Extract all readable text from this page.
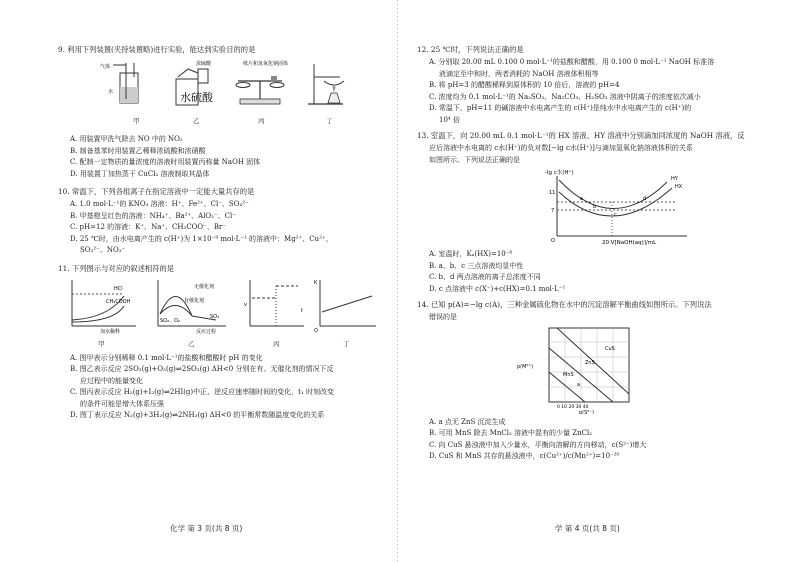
9. 利用下列装置(夹持装置略)进行实验，能达到实验目的的是
气体
水
浓硫酸
水硫酸
纸片和氢氧化钠固体
甲	乙	丙	丁
A. 用装置甲洗气除去 NO 中的 NO₂
B. 制备基苯时用装置乙稀释浓硫酸和浓硝酸
C. 配制一定物质的量浓度的溶液时用装置丙称量 NaOH 固体
D. 用装置丁加热蒸干 CuCl₂ 溶液制取其晶体
10. 常温下，下列各组离子在指定溶液中一定能大量共存的是
A. 1.0 mol·L⁻¹的 KNO₃ 溶液：H⁺、Fe²⁺、Cl⁻、SO₄²⁻
B. 甲基橙呈红色的溶液：NH₄⁺、Ba²⁺、AlO₂⁻、Cl⁻
C. pH=12 的溶液：K⁺、Na⁺、CH₃COO⁻、Br⁻
D. 25 ℃时，由水电离产生的 c(H⁺)为 1×10⁻⁹ mol·L⁻¹ 的溶液中：Mg²⁺、Cu²⁺、
SO₃²⁻、NO₃⁻
11. 下列图示与对应的叙述相符的是
HCl
CH₃COOH
加水稀释
无催化剂
有催化剂
SO₃
SO₂、O₂
反应过程
v
t
K
O
甲	乙	丙	丁
A. 图甲表示分别稀释 0.1 mol·L⁻¹的盐酸和醋酸时 pH 的变化
B. 图乙表示反应 2SO₂(g)+O₂(g)⇌2SO₃(g) ΔH<0 分别在有、无催化剂的情况下反
应过程中的能量变化
C. 图丙表示反应 H₂(g)+I₂(g)⇌2HI(g)中正、逆反应速率随时间的变化，t₁ 时刻改变
的条件可能是增大体系压强
D. 图丁表示反应 N₂(g)+3H₂(g)⇌2NH₃(g) ΔH<0 的平衡常数随温度变化的关系
化学 第 3 页(共 8 页)
12. 25 ℃时，下列说法正确的是
A. 分别取 20.00 mL 0.100 0 mol·L⁻¹的盐酸和醋酸，用 0.100 0 mol·L⁻¹ NaOH 标准溶
液滴定至中和时，两者消耗的 NaOH 溶液体积相等
B. 将 pH=3 的醋酸稀释到原体积的 10 倍后，溶液的 pH=4
C. 浓度均为 0.1 mol·L⁻¹的 Na₂SO₃、Na₂CO₃、H₂SO₃ 溶液中阴离子的浓度依次减小
D. 常温下，pH=11 的碱溶液中水电离产生的 c(H⁺)是纯水中水电离产生的 c(H⁺)的
10⁴ 倍
13. 室温下，向 20.00 mL 0.1 mol·L⁻¹的 HX 溶液、HY 溶液中分别滴加同浓度的 NaOH 溶液，反
应后溶液中水电离的 c水(H⁺)的负对数[−lg c水(H⁺)]与滴加氢氧化钠溶液体积的关系
如图所示。下列说法正确的是
-lg c水(H⁺)
11
7
O
HY
HX
a
b
c
d
20 V[NaOH(aq)]/mL
A. 室温时，Kₐ(HX)=10⁻⁶
B. a、b、c 三点溶液均显中性
C. b、d 两点溶液的离子总浓度不同
D. c 点溶液中 c(X⁻)+c(HX)=0.1 mol·L⁻¹
14. 已知 p(A)=−lg c(A)，三种金属硫化物在水中的沉淀溶解平衡曲线如图所示。下列说法
错误的是
p(M²⁺)
CuS
ZnS
MnS
a
0 10 20 30 40
p(S²⁻)
A. a 点无 ZnS 沉淀生成
B. 可用 MnS 除去 MnCl₂ 溶液中混有的少量 ZnCl₂
C. 向 CuS 悬浊液中加入少量水，平衡向溶解的方向移动，c(S²⁻)增大
D. CuS 和 MnS 共存的悬浊液中，c(Cu²⁺)/c(Mn²⁺)=10⁻²⁰
学 第 4 页(共 8 页)
